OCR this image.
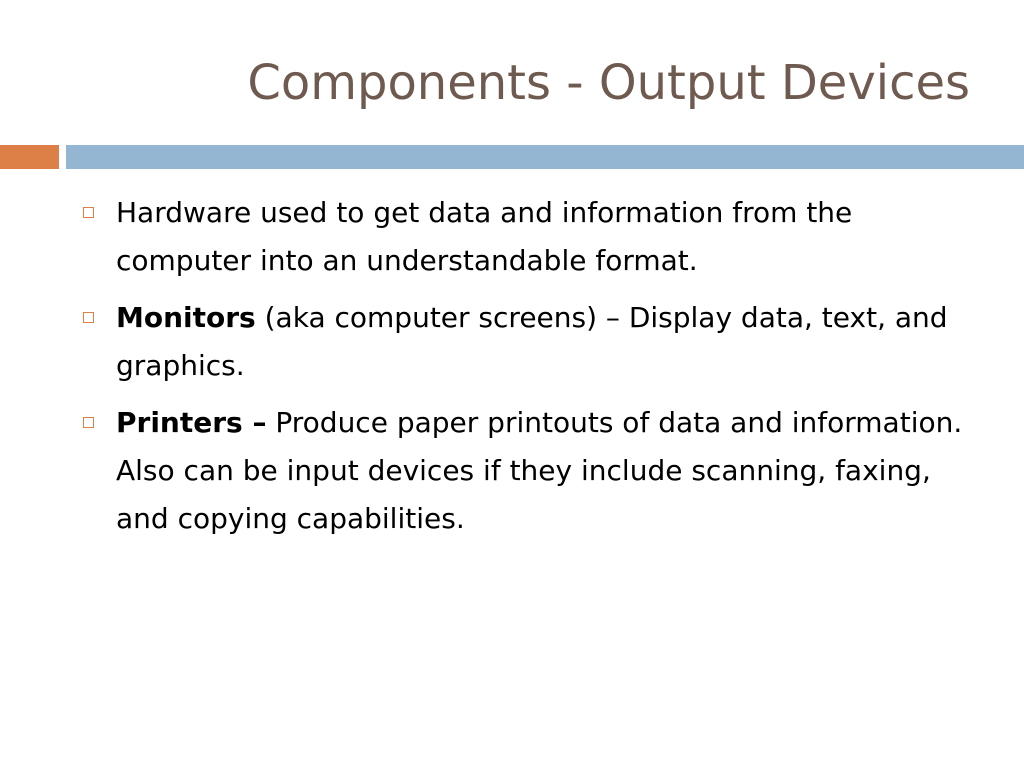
Components - Output Devices
Hardware used to get data and information from the computer into an understandable format.
Monitors (aka computer screens) – Display data, text, and graphics.
Printers – Produce paper printouts of data and information. Also can be input devices if they include scanning, faxing, and copying capabilities.
